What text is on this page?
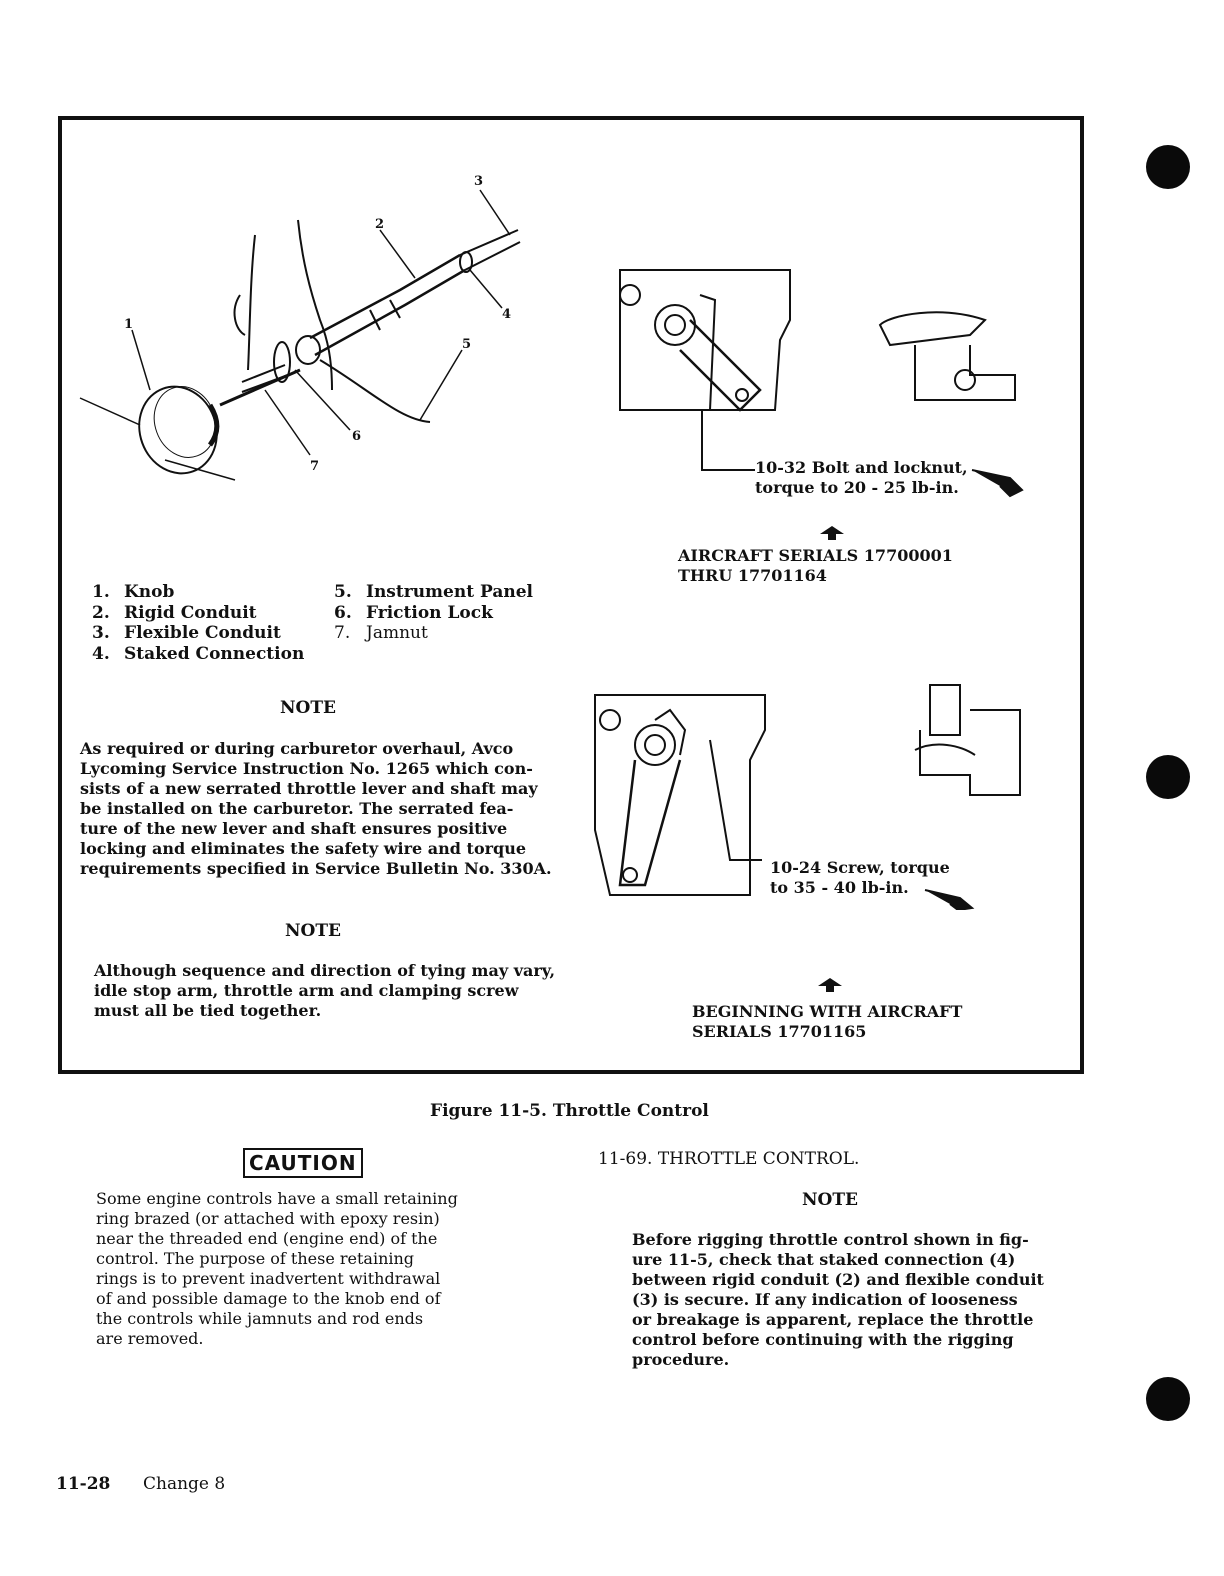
1
2
3
4
5
6
7
1. Knob
2. Rigid Conduit
3. Flexible Conduit
4. Staked Connection
5. Instrument Panel
6. Friction Lock
7. Jamnut
NOTE
As required or during carburetor overhaul, Avco
Lycoming Service Instruction No. 1265 which con-
sists of a new serrated throttle lever and shaft may
be installed on the carburetor. The serrated fea-
ture of the new lever and shaft ensures positive
locking and eliminates the safety wire and torque
requirements specified in Service Bulletin No. 330A.
NOTE
Although sequence and direction of tying may vary,
idle stop arm, throttle arm and clamping screw
must all be tied together.
10-32 Bolt and locknut,
torque to 20 - 25 lb-in.
AIRCRAFT SERIALS 17700001
THRU 17701164
10-24 Screw, torque
to 35 - 40 lb-in.
BEGINNING WITH AIRCRAFT
SERIALS 17701165
Figure 11-5. Throttle Control
CAUTION
Some engine controls have a small retaining
ring brazed (or attached with epoxy resin)
near the threaded end (engine end) of the
control. The purpose of these retaining
rings is to prevent inadvertent withdrawal
of and possible damage to the knob end of
the controls while jamnuts and rod ends
are removed.
11-69. THROTTLE CONTROL.
NOTE
Before rigging throttle control shown in fig-
ure 11-5, check that staked connection (4)
between rigid conduit (2) and flexible conduit
(3) is secure. If any indication of looseness
or breakage is apparent, replace the throttle
control before continuing with the rigging
procedure.
11-28 Change 8
